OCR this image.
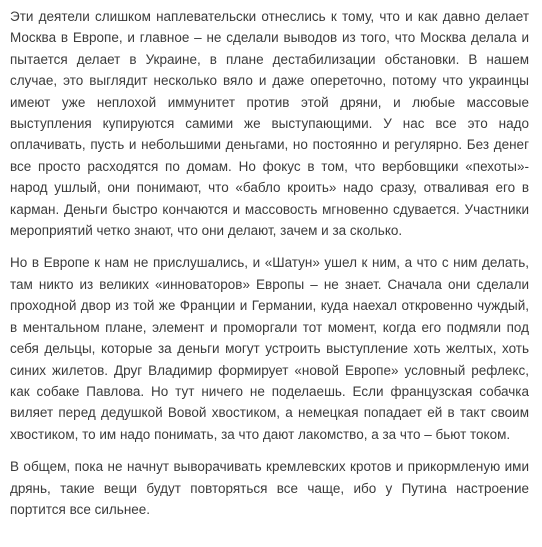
Эти деятели слишком наплевательски отнеслись к тому, что и как давно делает Москва в Европе, и главное – не сделали выводов из того, что Москва делала и пытается делает в Украине, в плане дестабилизации обстановки. В нашем случае, это выглядит несколько вяло и даже опереточно, потому что украинцы имеют уже неплохой иммунитет против этой дряни, и любые массовые выступления купируются самими же выступающими. У нас все это надо оплачивать, пусть и небольшими деньгами, но постоянно и регулярно. Без денег все просто расходятся по домам. Но фокус в том, что вербовщики «пехоты»- народ ушлый, они понимают, что «бабло кроить» надо сразу, отваливая его в карман. Деньги быстро кончаются и массовость мгновенно сдувается. Участники мероприятий четко знают, что они делают, зачем и за сколько.

Но в Европе к нам не прислушались, и «Шатун» ушел к ним, а что с ним делать, там никто из великих «инноваторов» Европы – не знает. Сначала они сделали проходной двор из той же Франции и Германии, куда наехал откровенно чуждый, в ментальном плане, элемент и проморгали тот момент, когда его подмяли под себя дельцы, которые за деньги могут устроить выступление хоть желтых, хоть синих жилетов. Друг Владимир формирует «новой Европе» условный рефлекс, как собаке Павлова. Но тут ничего не поделаешь. Если французская собачка виляет перед дедушкой Вовой хвостиком, а немецкая попадает ей в такт своим хвостиком, то им надо понимать, за что дают лакомство, а за что – бьют током.

В общем, пока не начнут выворачивать кремлевских кротов и прикормленую ими дрянь, такие вещи будут повторяться все чаще, ибо у Путина настроение портится все сильнее.
